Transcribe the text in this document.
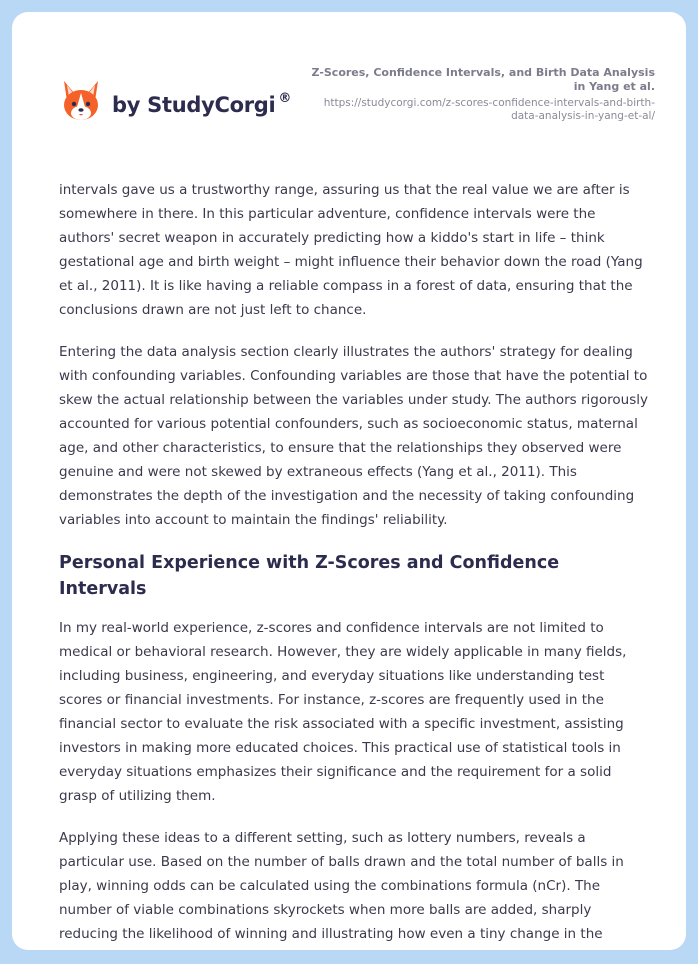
by StudyCorgi ®
Z-Scores, Confidence Intervals, and Birth Data Analysis in Yang et al.
https://studycorgi.com/z-scores-confidence-intervals-and-birth-data-analysis-in-yang-et-al/

intervals gave us a trustworthy range, assuring us that the real value we are after is somewhere in there. In this particular adventure, confidence intervals were the authors' secret weapon in accurately predicting how a kiddo's start in life – think gestational age and birth weight – might influence their behavior down the road (Yang et al., 2011). It is like having a reliable compass in a forest of data, ensuring that the conclusions drawn are not just left to chance.

Entering the data analysis section clearly illustrates the authors' strategy for dealing with confounding variables. Confounding variables are those that have the potential to skew the actual relationship between the variables under study. The authors rigorously accounted for various potential confounders, such as socioeconomic status, maternal age, and other characteristics, to ensure that the relationships they observed were genuine and were not skewed by extraneous effects (Yang et al., 2011). This demonstrates the depth of the investigation and the necessity of taking confounding variables into account to maintain the findings' reliability.

Personal Experience with Z-Scores and Confidence Intervals

In my real-world experience, z-scores and confidence intervals are not limited to medical or behavioral research. However, they are widely applicable in many fields, including business, engineering, and everyday situations like understanding test scores or financial investments. For instance, z-scores are frequently used in the financial sector to evaluate the risk associated with a specific investment, assisting investors in making more educated choices. This practical use of statistical tools in everyday situations emphasizes their significance and the requirement for a solid grasp of utilizing them.

Applying these ideas to a different setting, such as lottery numbers, reveals a particular use. Based on the number of balls drawn and the total number of balls in play, winning odds can be calculated using the combinations formula (nCr). The number of viable combinations skyrockets when more balls are added, sharply reducing the likelihood of winning and illustrating how even a tiny change in the
